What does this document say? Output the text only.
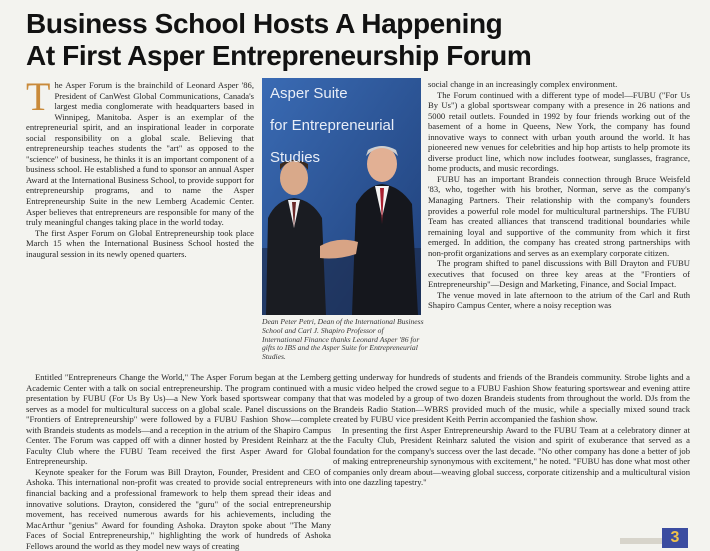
Business School Hosts A Happening
At First Asper Entrepreneurship Forum

The Asper Forum is the brainchild of Leonard Asper '86, President of CanWest Global Communications, Canada's largest media conglomerate with headquarters based in Winnipeg, Manitoba. Asper is an exemplar of the entrepreneurial spirit, and an inspirational leader in corporate social responsibility on a global scale. Believing that entrepreneurship teaches students the "art" as opposed to the "science" of business, he thinks it is an important component of a business school. He established a fund to sponsor an annual Asper Award at the International Business School, to provide support for entrepreneurship programs, and to name the Asper Entrepreneurship Suite in the new Lemberg Academic Center. Asper believes that entrepreneurs are responsible for many of the truly meaningful changes taking place in the world today.

The first Asper Forum on Global Entrepreneurship took place March 15 when the International Business School hosted the inaugural session in its newly opened quarters.

Asper Suite
for Entrepreneurial
Studies
Dean Peter Petri, Dean of the International Business School and Carl J. Shapiro Professor of International Finance thanks Leonard Asper '86 for gifts to IBS and the Asper Suite for Entrepreneurial Studies.

social change in an increasingly complex environment.

The Forum continued with a different type of model—FUBU ("For Us By Us") a global sportswear company with a presence in 26 nations and 5000 retail outlets. Founded in 1992 by four friends working out of the basement of a home in Queens, New York, the company has found innovative ways to connect with urban youth around the world. It has pioneered new venues for celebrities and hip hop artists to help promote its diverse product line, which now includes footwear, sunglasses, fragrance, home products, and music recordings.

FUBU has an important Brandeis connection through Bruce Weisfeld '83, who, together with his brother, Norman, serve as the company's Managing Partners. Their relationship with the company's founders provides a powerful role model for multicultural partnerships. The FUBU Team has created alliances that transcend traditional boundaries while remaining loyal and supportive of the community from which it first emerged. In addition, the company has created strong partnerships with non-profit organizations and serves as an exemplary corporate citizen.

The program shifted to panel discussions with Bill Drayton and FUBU executives that focused on three key areas at the "Frontiers of Entrepreneurship"—Design and Marketing, Finance, and Social Impact.

The venue moved in late afternoon to the atrium of the Carl and Ruth Shapiro Campus Center, where a noisy reception was

Entitled "Entrepreneurs Change the World," The Asper Forum began at the Lemberg Academic Center with a talk on social entrepreneurship. The program continued with a presentation by FUBU (For Us By Us)—a New York based sportswear company that serves as a model for multicultural success on a global scale. Panel discussions on the "Frontiers of Entrepreneurship" were followed by a FUBU Fashion Show—complete with Brandeis students as models—and a reception in the atrium of the Shapiro Campus Center. The Forum was capped off with a dinner hosted by President Reinharz at the Faculty Club where the FUBU Team received the first Asper Award for Global Entrepreneurship.

Keynote speaker for the Forum was Bill Drayton, Founder, President and CEO of Ashoka. This international non-profit was created to provide social entrepreneurs with financial backing and a professional framework to help them spread their ideas and innovative solutions. Drayton, considered the "guru" of the social entrepreneurship movement, has received numerous awards for his achievements, including the MacArthur "genius" Award for founding Ashoka. Drayton spoke about "The Many Faces of Social Entrepreneurship," highlighting the work of hundreds of Ashoka Fellows around the world as they model new ways of creating

getting underway for hundreds of students and friends of the Brandeis community. Strobe lights and a music video helped the crowd segue to a FUBU Fashion Show featuring sportswear and evening attire that was modeled by a group of two dozen Brandeis students from throughout the world. DJs from the Brandeis Radio Station—WBRS provided much of the music, while a specially mixed sound track created by FUBU vice president Keith Perrin accompanied the fashion show.

In presenting the first Asper Entrepreneurship Award to the FUBU Team at a celebratory dinner at the Faculty Club, President Reinharz saluted the vision and spirit of exuberance that served as a foundation for the company's success over the last decade. "No other company has done a better of job of making entrepreneurship synonymous with excitement," he noted. "FUBU has done what most other companies only dream about—weaving global success, corporate citizenship and a multicultural vision into one dazzling tapestry."

3
